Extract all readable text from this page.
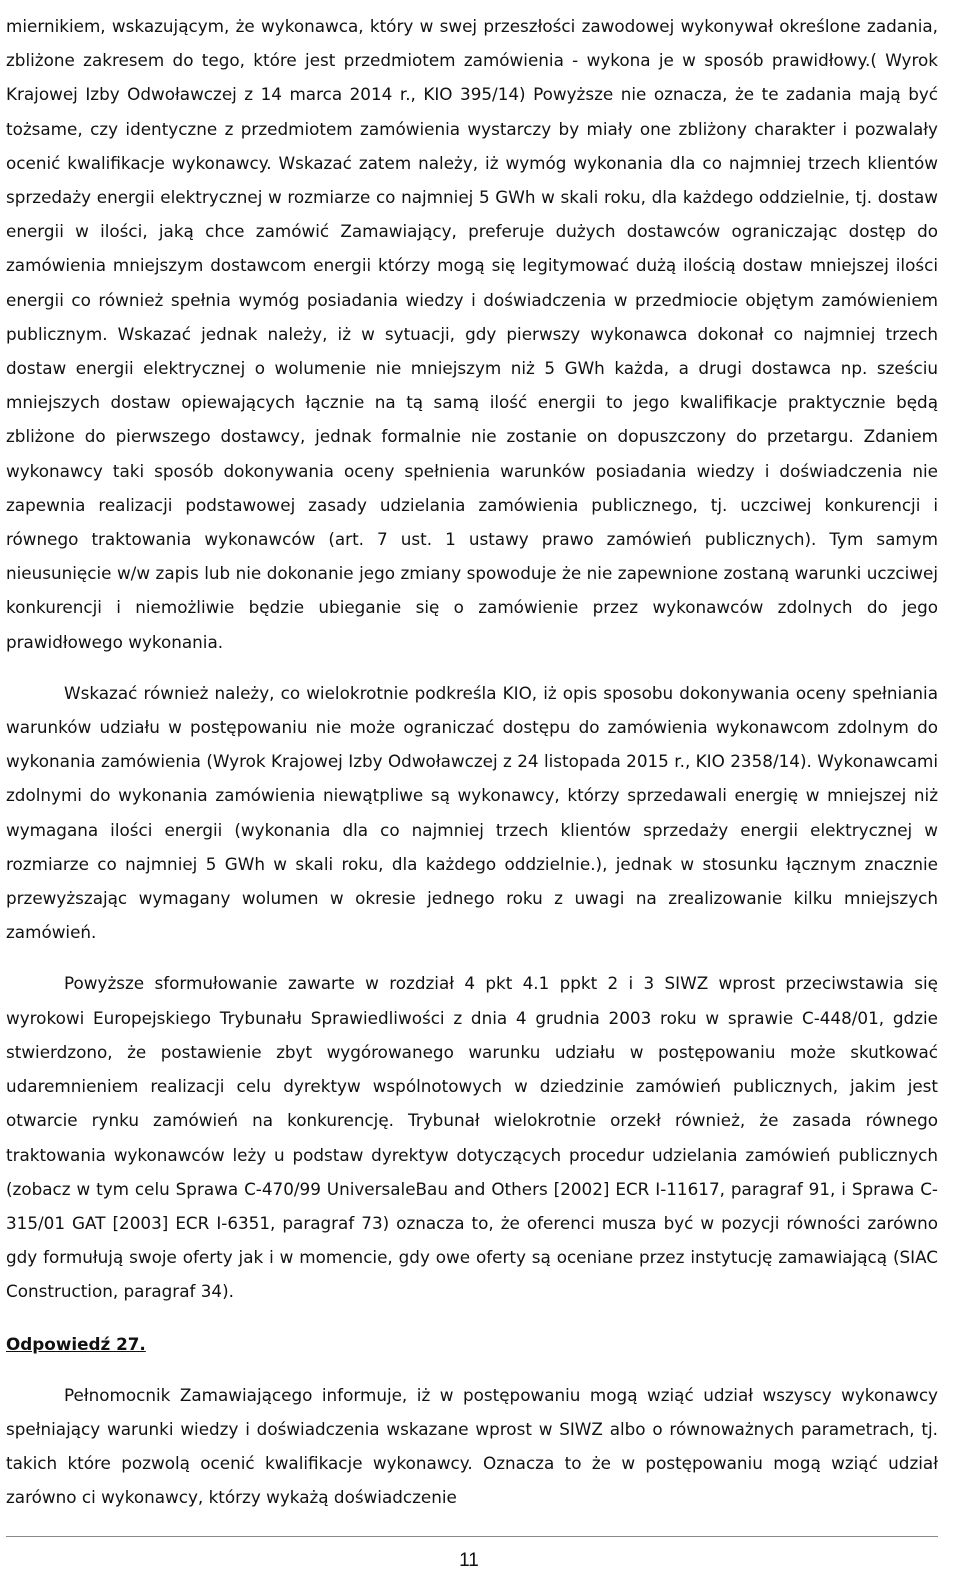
miernikiem, wskazującym, że wykonawca, który w swej przeszłości zawodowej wykonywał określone zadania, zbliżone zakresem do tego, które jest przedmiotem zamówienia - wykona je w sposób prawidłowy.( Wyrok Krajowej Izby Odwoławczej z 14 marca 2014 r., KIO 395/14) Powyższe nie oznacza, że te zadania mają być tożsame, czy identyczne z przedmiotem zamówienia wystarczy by miały one zbliżony charakter i pozwalały ocenić kwalifikacje wykonawcy. Wskazać zatem należy, iż wymóg wykonania dla co najmniej trzech klientów sprzedaży energii elektrycznej w rozmiarze co najmniej 5 GWh w skali roku, dla każdego oddzielnie, tj. dostaw energii w ilości, jaką chce zamówić Zamawiający, preferuje dużych dostawców ograniczając dostęp do zamówienia mniejszym dostawcom energii którzy mogą się legitymować dużą ilością dostaw mniejszej ilości energii co również spełnia wymóg posiadania wiedzy i doświadczenia w przedmiocie objętym zamówieniem publicznym. Wskazać jednak należy, iż w sytuacji, gdy pierwszy wykonawca dokonał co najmniej trzech dostaw energii elektrycznej o wolumenie nie mniejszym niż 5 GWh każda, a drugi dostawca np. sześciu mniejszych dostaw opiewających łącznie na tą samą ilość energii to jego kwalifikacje praktycznie będą zbliżone do pierwszego dostawcy, jednak formalnie nie zostanie on dopuszczony do przetargu. Zdaniem wykonawcy taki sposób dokonywania oceny spełnienia warunków posiadania wiedzy i doświadczenia nie zapewnia realizacji podstawowej zasady udzielania zamówienia publicznego, tj. uczciwej konkurencji i równego traktowania wykonawców (art. 7 ust. 1 ustawy prawo zamówień publicznych). Tym samym nieusunięcie w/w zapis lub nie dokonanie jego zmiany spowoduje że nie zapewnione zostaną warunki uczciwej konkurencji i niemożliwie będzie ubieganie się o zamówienie przez wykonawców zdolnych do jego prawidłowego wykonania.

Wskazać również należy, co wielokrotnie podkreśla KIO, iż opis sposobu dokonywania oceny spełniania warunków udziału w postępowaniu nie może ograniczać dostępu do zamówienia wykonawcom zdolnym do wykonania zamówienia (Wyrok Krajowej Izby Odwoławczej z 24 listopada 2015 r., KIO 2358/14). Wykonawcami zdolnymi do wykonania zamówienia niewątpliwe są wykonawcy, którzy sprzedawali energię w mniejszej niż wymagana ilości energii (wykonania dla co najmniej trzech klientów sprzedaży energii elektrycznej w rozmiarze co najmniej 5 GWh w skali roku, dla każdego oddzielnie.), jednak w stosunku łącznym znacznie przewyższając wymagany wolumen w okresie jednego roku z uwagi na zrealizowanie kilku mniejszych zamówień.

Powyższe sformułowanie zawarte w rozdział 4 pkt 4.1 ppkt 2 i 3 SIWZ wprost przeciwstawia się wyrokowi Europejskiego Trybunału Sprawiedliwości z dnia 4 grudnia 2003 roku w sprawie C-448/01, gdzie stwierdzono, że postawienie zbyt wygórowanego warunku udziału w postępowaniu może skutkować udaremnieniem realizacji celu dyrektyw wspólnotowych w dziedzinie zamówień publicznych, jakim jest otwarcie rynku zamówień na konkurencję. Trybunał wielokrotnie orzekł również, że zasada równego traktowania wykonawców leży u podstaw dyrektyw dotyczących procedur udzielania zamówień publicznych (zobacz w tym celu Sprawa C-470/99 UniversaleBau and Others [2002] ECR I-11617, paragraf 91, i Sprawa C-315/01 GAT [2003] ECR I-6351, paragraf 73) oznacza to, że oferenci musza być w pozycji równości zarówno gdy formułują swoje oferty jak i w momencie, gdy owe oferty są oceniane przez instytucję zamawiającą (SIAC Construction, paragraf 34).

Odpowiedź 27.

Pełnomocnik Zamawiającego informuje, iż w postępowaniu mogą wziąć udział wszyscy wykonawcy spełniający warunki wiedzy i doświadczenia wskazane wprost w SIWZ albo o równoważnych parametrach, tj. takich które pozwolą ocenić kwalifikacje wykonawcy. Oznacza to że w postępowaniu mogą wziąć udział zarówno ci wykonawcy, którzy wykażą doświadczenie

11
